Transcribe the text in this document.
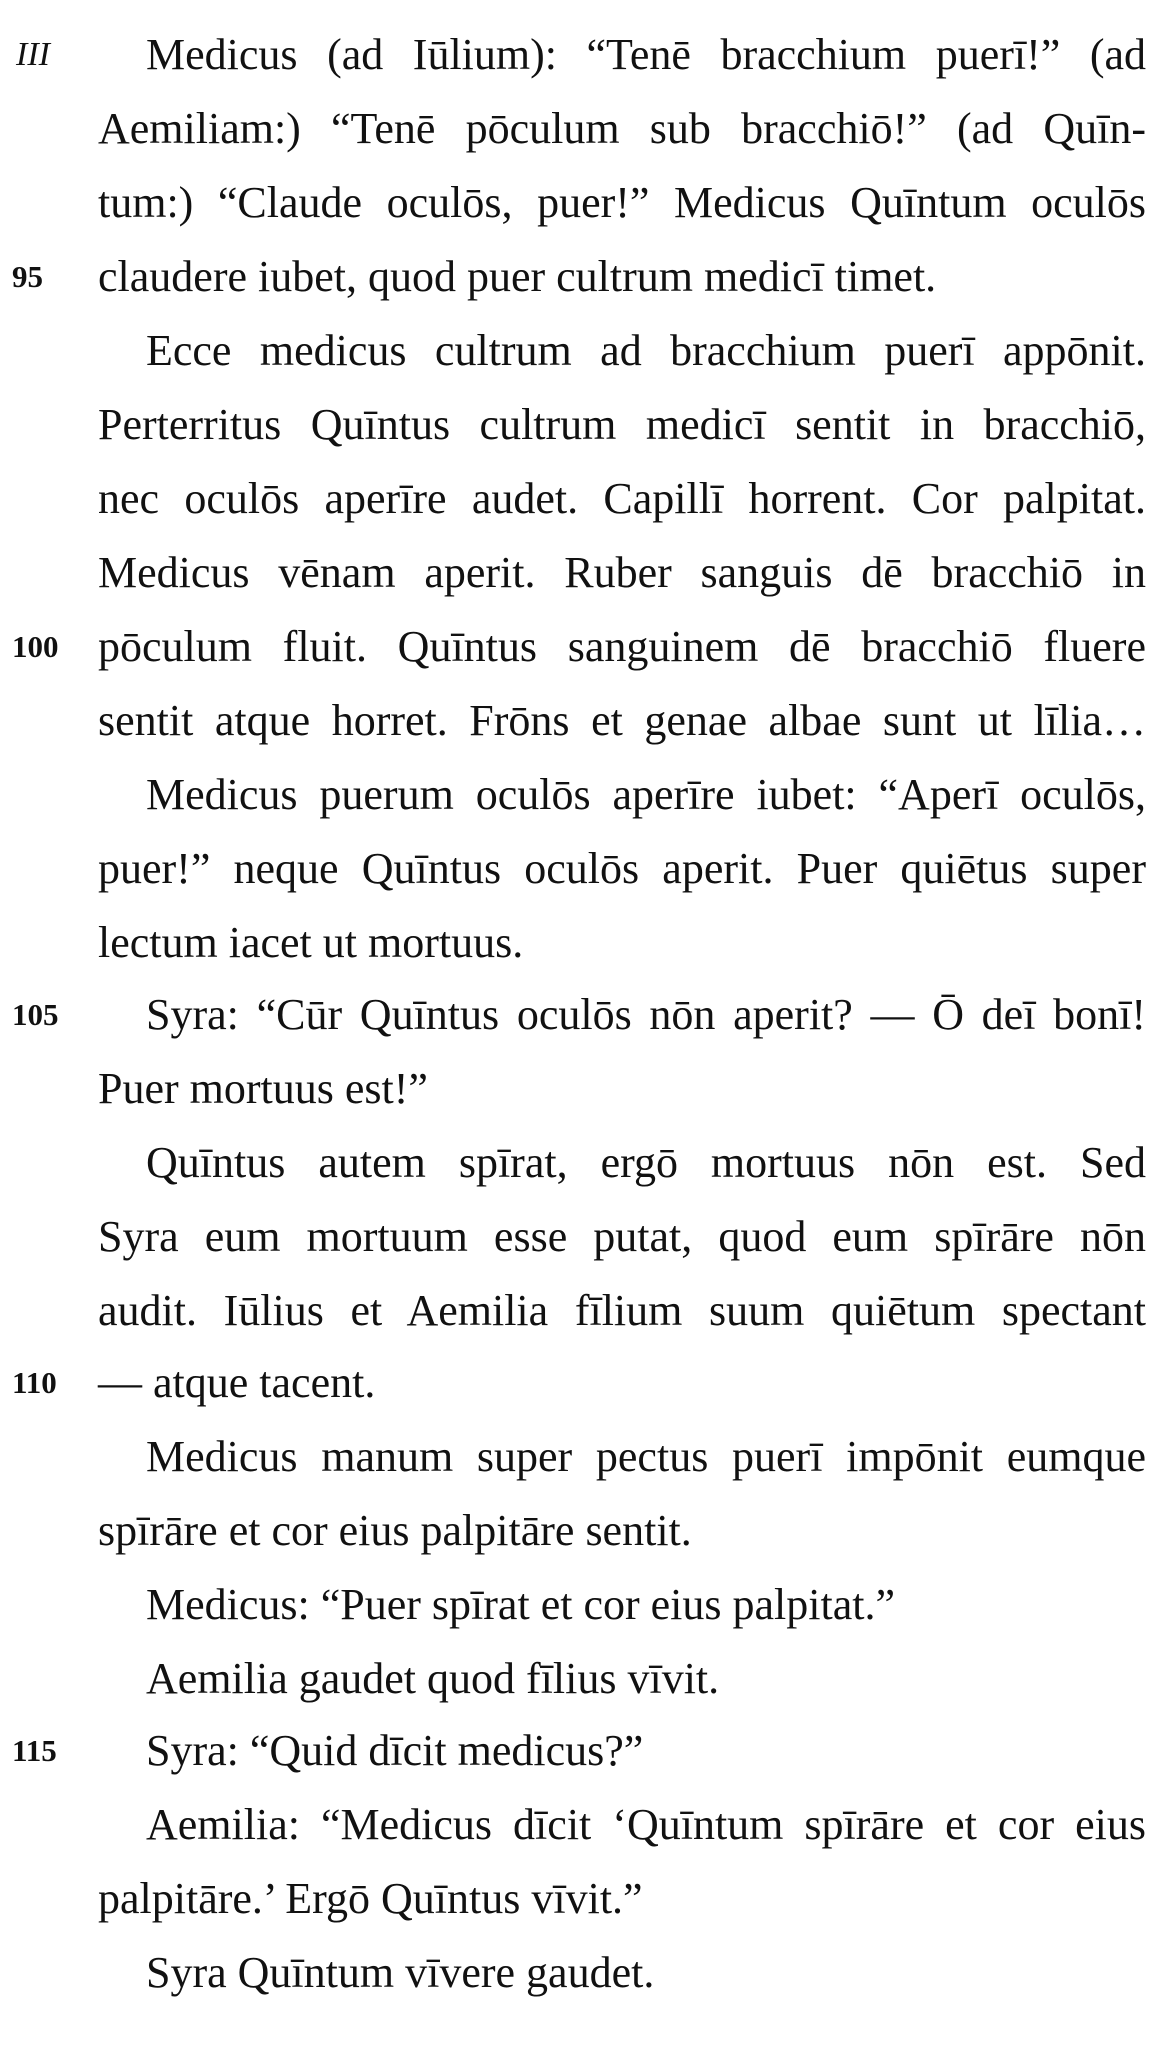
III
95
100
105
110
115
Medicus (ad Iūlium): “Tenē bracchium puerī!” (ad
Aemiliam:) “Tenē pōculum sub bracchiō!” (ad Quīn-
tum:) “Claude oculōs, puer!” Medicus Quīntum oculōs
claudere iubet, quod puer cultrum medicī timet.
Ecce medicus cultrum ad bracchium puerī appōnit.
Perterritus Quīntus cultrum medicī sentit in bracchiō,
nec oculōs aperīre audet. Capillī horrent. Cor palpitat.
Medicus vēnam aperit. Ruber sanguis dē bracchiō in
pōculum fluit. Quīntus sanguinem dē bracchiō fluere
sentit atque horret. Frōns et genae albae sunt ut līlia…
Medicus puerum oculōs aperīre iubet: “Aperī oculōs,
puer!” neque Quīntus oculōs aperit. Puer quiētus super
lectum iacet ut mortuus.
Syra: “Cūr Quīntus oculōs nōn aperit? — Ō deī bonī!
Puer mortuus est!”
Quīntus autem spīrat, ergō mortuus nōn est. Sed
Syra eum mortuum esse putat, quod eum spīrāre nōn
audit. Iūlius et Aemilia fīlium suum quiētum spectant
— atque tacent.
Medicus manum super pectus puerī impōnit eumque
spīrāre et cor eius palpitāre sentit.
Medicus: “Puer spīrat et cor eius palpitat.”
Aemilia gaudet quod fīlius vīvit.
Syra: “Quid dīcit medicus?”
Aemilia: “Medicus dīcit ‘Quīntum spīrāre et cor eius
palpitāre.’ Ergō Quīntus vīvit.”
Syra Quīntum vīvere gaudet.
